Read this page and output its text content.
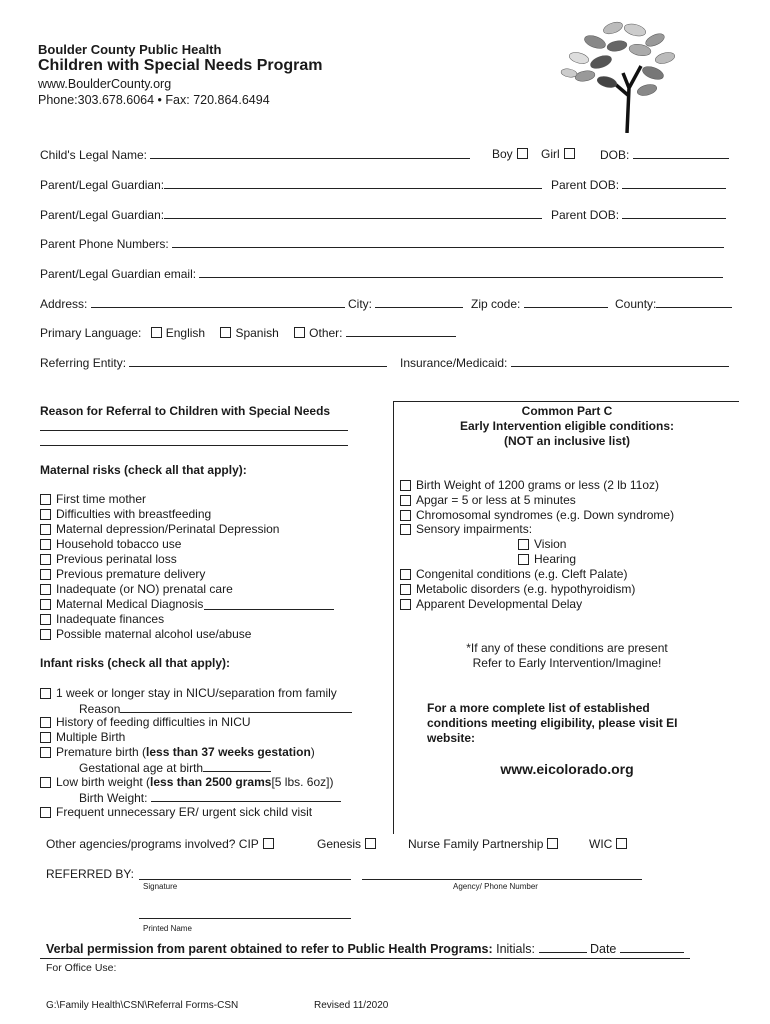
Boulder County Public Health
Children with Special Needs Program
www.BoulderCounty.org
Phone:303.678.6064 • Fax: 720.864.6494
Child's Legal Name:	Boy Girl	DOB:
Parent/Legal Guardian:	Parent DOB:
Parent/Legal Guardian:	Parent DOB:
Parent Phone Numbers:
Parent/Legal Guardian email:
Address:	City:	Zip code:	County:
Primary Language: English	Spanish	Other:
Referring Entity:	Insurance/Medicaid:
Reason for Referral to Children with Special Needs
Maternal risks (check all that apply):
First time mother
Difficulties with breastfeeding
Maternal depression/Perinatal Depression
Household tobacco use
Previous perinatal loss
Previous premature delivery
Inadequate (or NO) prenatal care
Maternal Medical Diagnosis
Inadequate finances
Possible maternal alcohol use/abuse
Infant risks (check all that apply):
1 week or longer stay in NICU/separation from family
Reason
History of feeding difficulties in NICU
Multiple Birth
Premature birth ( less than 37 weeks gestation )
Gestational age at birth
Low birth weight ( less than 2500 grams [5 lbs. 6oz])
Birth Weight:
Frequent unnecessary ER/ urgent sick child visit
Common Part C
Early Intervention eligible conditions:
(NOT an inclusive list)
Birth Weight of 1200 grams or less (2 lb 11oz)
Apgar = 5 or less at 5 minutes
Chromosomal syndromes (e.g. Down syndrome)
Sensory impairments:
Vision
Hearing
Congenital conditions (e.g. Cleft Palate)
Metabolic disorders (e.g. hypothyroidism)
Apparent Developmental Delay
*If any of these conditions are present
Refer to Early Intervention/Imagine!
For a more complete list of established
conditions meeting eligibility, please visit EI
website:
www.eicolorado.org
Other agencies/programs involved? CIP	Genesis	Nurse Family Partnership	WIC
REFERRED BY:
Signature	Agency/ Phone Number
Printed Name
Verbal permission from parent obtained to refer to Public Health Programs: Initials:	Date
For Office Use:
G:\Family Health\CSN\Referral Forms-CSN	Revised 11/2020
